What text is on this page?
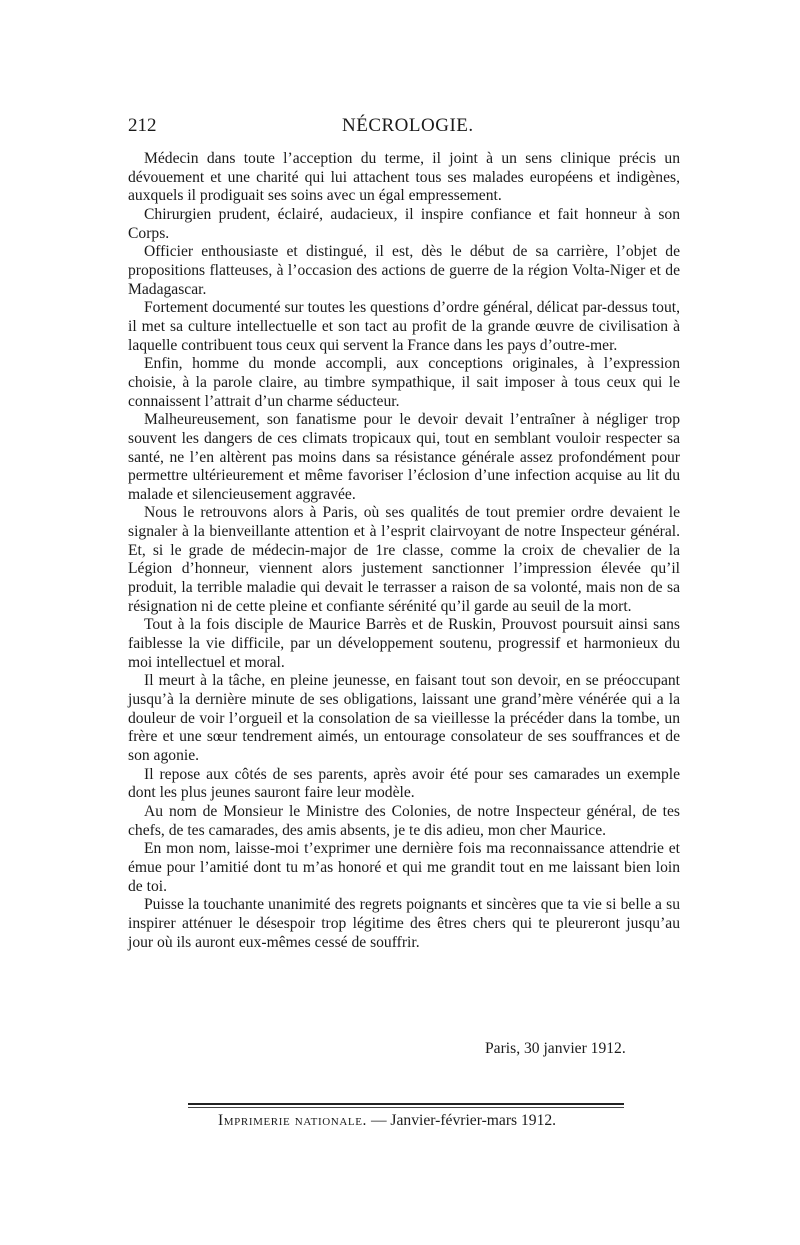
212	NÉCROLOGIE.

Médecin dans toute l’acception du terme, il joint à un sens clinique précis un dévouement et une charité qui lui attachent tous ses malades européens et indigènes, auxquels il prodiguait ses soins avec un égal empressement.

Chirurgien prudent, éclairé, audacieux, il inspire confiance et fait honneur à son Corps.

Officier enthousiaste et distingué, il est, dès le début de sa carrière, l’objet de propositions flatteuses, à l’occasion des actions de guerre de la région Volta-Niger et de Madagascar.

Fortement documenté sur toutes les questions d’ordre général, délicat par-dessus tout, il met sa culture intellectuelle et son tact au profit de la grande œuvre de civilisation à laquelle contribuent tous ceux qui servent la France dans les pays d’outre-mer.

Enfin, homme du monde accompli, aux conceptions originales, à l’expression choisie, à la parole claire, au timbre sympathique, il sait imposer à tous ceux qui le connaissent l’attrait d’un charme séducteur.

Malheureusement, son fanatisme pour le devoir devait l’entraîner à négliger trop souvent les dangers de ces climats tropicaux qui, tout en semblant vouloir respecter sa santé, ne l’en altèrent pas moins dans sa résistance générale assez profondément pour permettre ultérieurement et même favoriser l’éclosion d’une infection acquise au lit du malade et silencieusement aggravée.

Nous le retrouvons alors à Paris, où ses qualités de tout premier ordre devaient le signaler à la bienveillante attention et à l’esprit clairvoyant de notre Inspecteur général. Et, si le grade de médecin-major de 1re classe, comme la croix de chevalier de la Légion d’honneur, viennent alors justement sanctionner l’impression élevée qu’il produit, la terrible maladie qui devait le terrasser a raison de sa volonté, mais non de sa résignation ni de cette pleine et confiante sérénité qu’il garde au seuil de la mort.

Tout à la fois disciple de Maurice Barrès et de Ruskin, Prouvost poursuit ainsi sans faiblesse la vie difficile, par un développement soutenu, progressif et harmonieux du moi intellectuel et moral.

Il meurt à la tâche, en pleine jeunesse, en faisant tout son devoir, en se préoccupant jusqu’à la dernière minute de ses obligations, laissant une grand’mère vénérée qui a la douleur de voir l’orgueil et la consolation de sa vieillesse la précéder dans la tombe, un frère et une sœur tendrement aimés, un entourage consolateur de ses souffrances et de son agonie.

Il repose aux côtés de ses parents, après avoir été pour ses camarades un exemple dont les plus jeunes sauront faire leur modèle.

Au nom de Monsieur le Ministre des Colonies, de notre Inspecteur général, de tes chefs, de tes camarades, des amis absents, je te dis adieu, mon cher Maurice.

En mon nom, laisse-moi t’exprimer une dernière fois ma reconnaissance attendrie et émue pour l’amitié dont tu m’as honoré et qui me grandit tout en me laissant bien loin de toi.

Puisse la touchante unanimité des regrets poignants et sincères que ta vie si belle a su inspirer atténuer le désespoir trop légitime des êtres chers qui te pleureront jusqu’au jour où ils auront eux-mêmes cessé de souffrir.

Paris, 30 janvier 1912.
Imprimerie nationale. — Janvier-février-mars 1912.
